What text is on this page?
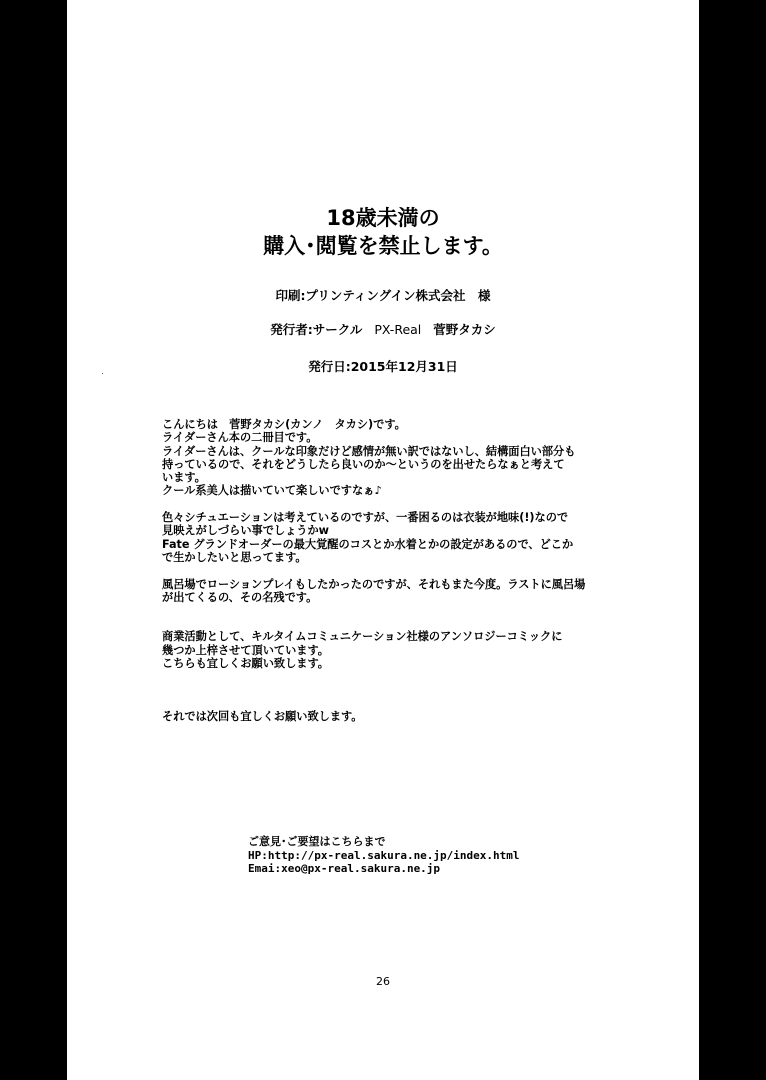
18歳未満の
購入･閲覧を禁止します。
印刷:プリンティングイン株式会社　様
発行者:サークル PX-Real 菅野タカシ
発行日:2015年12月31日

こんにちは　菅野タカシ(カンノ　タカシ)です。

ライダーさん本の二冊目です。

ライダーさんは、クールな印象だけど感情が無い訳ではないし、結構面白い部分も

持っているので、それをどうしたら良いのか～というのを出せたらなぁと考えて

います。

クール系美人は描いていて楽しいですなぁ♪

色々シチュエーションは考えているのですが、一番困るのは衣装が地味(!)なので

見映えがしづらい事でしょうかw

Fate グランドオーダーの最大覚醒のコスとか水着とかの設定があるので、どこか

で生かしたいと思ってます。

風呂場でローションプレイもしたかったのですが、それもまた今度。ラストに風呂場

が出てくるの、その名残です。

商業活動として、キルタイムコミュニケーション社様のアンソロジーコミックに

幾つか上梓させて頂いています。

こちらも宜しくお願い致します。

それでは次回も宜しくお願い致します。

ご意見･ご要望はこちらまで
HP:http://px-real.sakura.ne.jp/index.html
Emai:xeo@px-real.sakura.ne.jp
26
